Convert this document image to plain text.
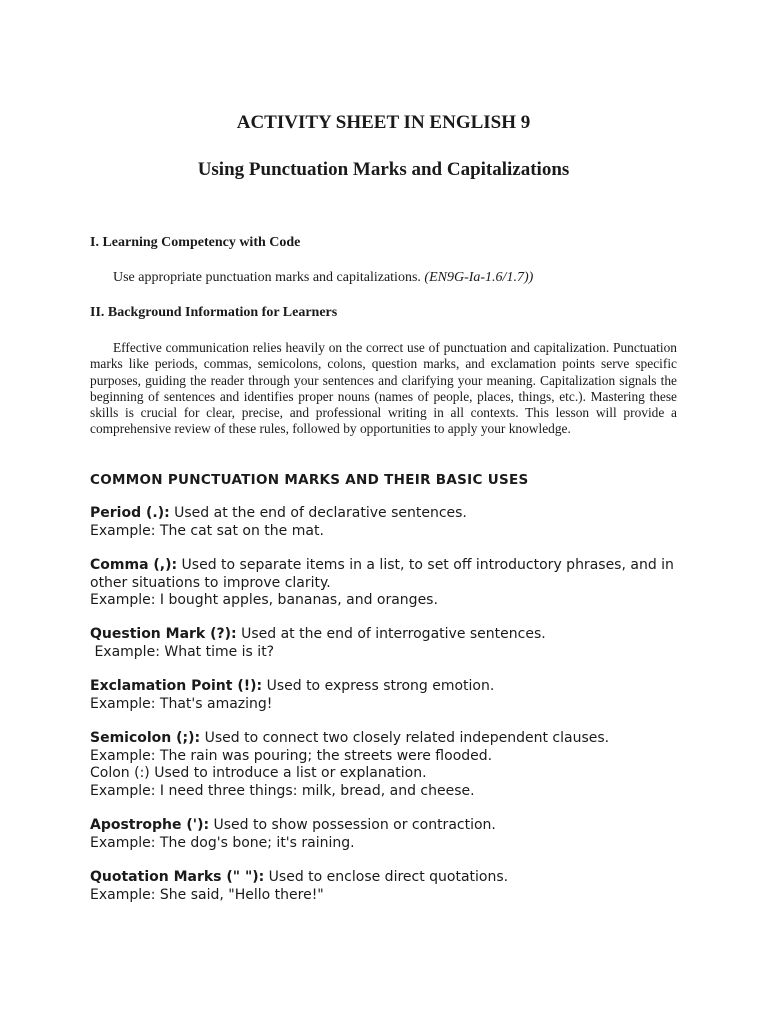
ACTIVITY SHEET IN ENGLISH 9
Using Punctuation Marks and Capitalizations
I. Learning Competency with Code
Use appropriate punctuation marks and capitalizations. (EN9G-Ia-1.6/1.7))
II. Background Information for Learners

Effective communication relies heavily on the correct use of punctuation and capitalization. Punctuation marks like periods, commas, semicolons, colons, question marks, and exclamation points serve specific purposes, guiding the reader through your sentences and clarifying your meaning. Capitalization signals the beginning of sentences and identifies proper nouns (names of people, places, things, etc.). Mastering these skills is crucial for clear, precise, and professional writing in all contexts. This lesson will provide a comprehensive review of these rules, followed by opportunities to apply your knowledge.

COMMON PUNCTUATION MARKS AND THEIR BASIC USES
Period (.): Used at the end of declarative sentences.
Example: The cat sat on the mat.
Comma (,): Used to separate items in a list, to set off introductory phrases, and in other situations to improve clarity.
Example: I bought apples, bananas, and oranges.
Question Mark (?): Used at the end of interrogative sentences.
Example: What time is it?
Exclamation Point (!): Used to express strong emotion.
Example: That's amazing!
Semicolon (;): Used to connect two closely related independent clauses.
Example: The rain was pouring; the streets were flooded.
Colon (:) Used to introduce a list or explanation.
Example: I need three things: milk, bread, and cheese.
Apostrophe ('): Used to show possession or contraction.
Example: The dog's bone; it's raining.
Quotation Marks (" "): Used to enclose direct quotations.
Example: She said, "Hello there!"
